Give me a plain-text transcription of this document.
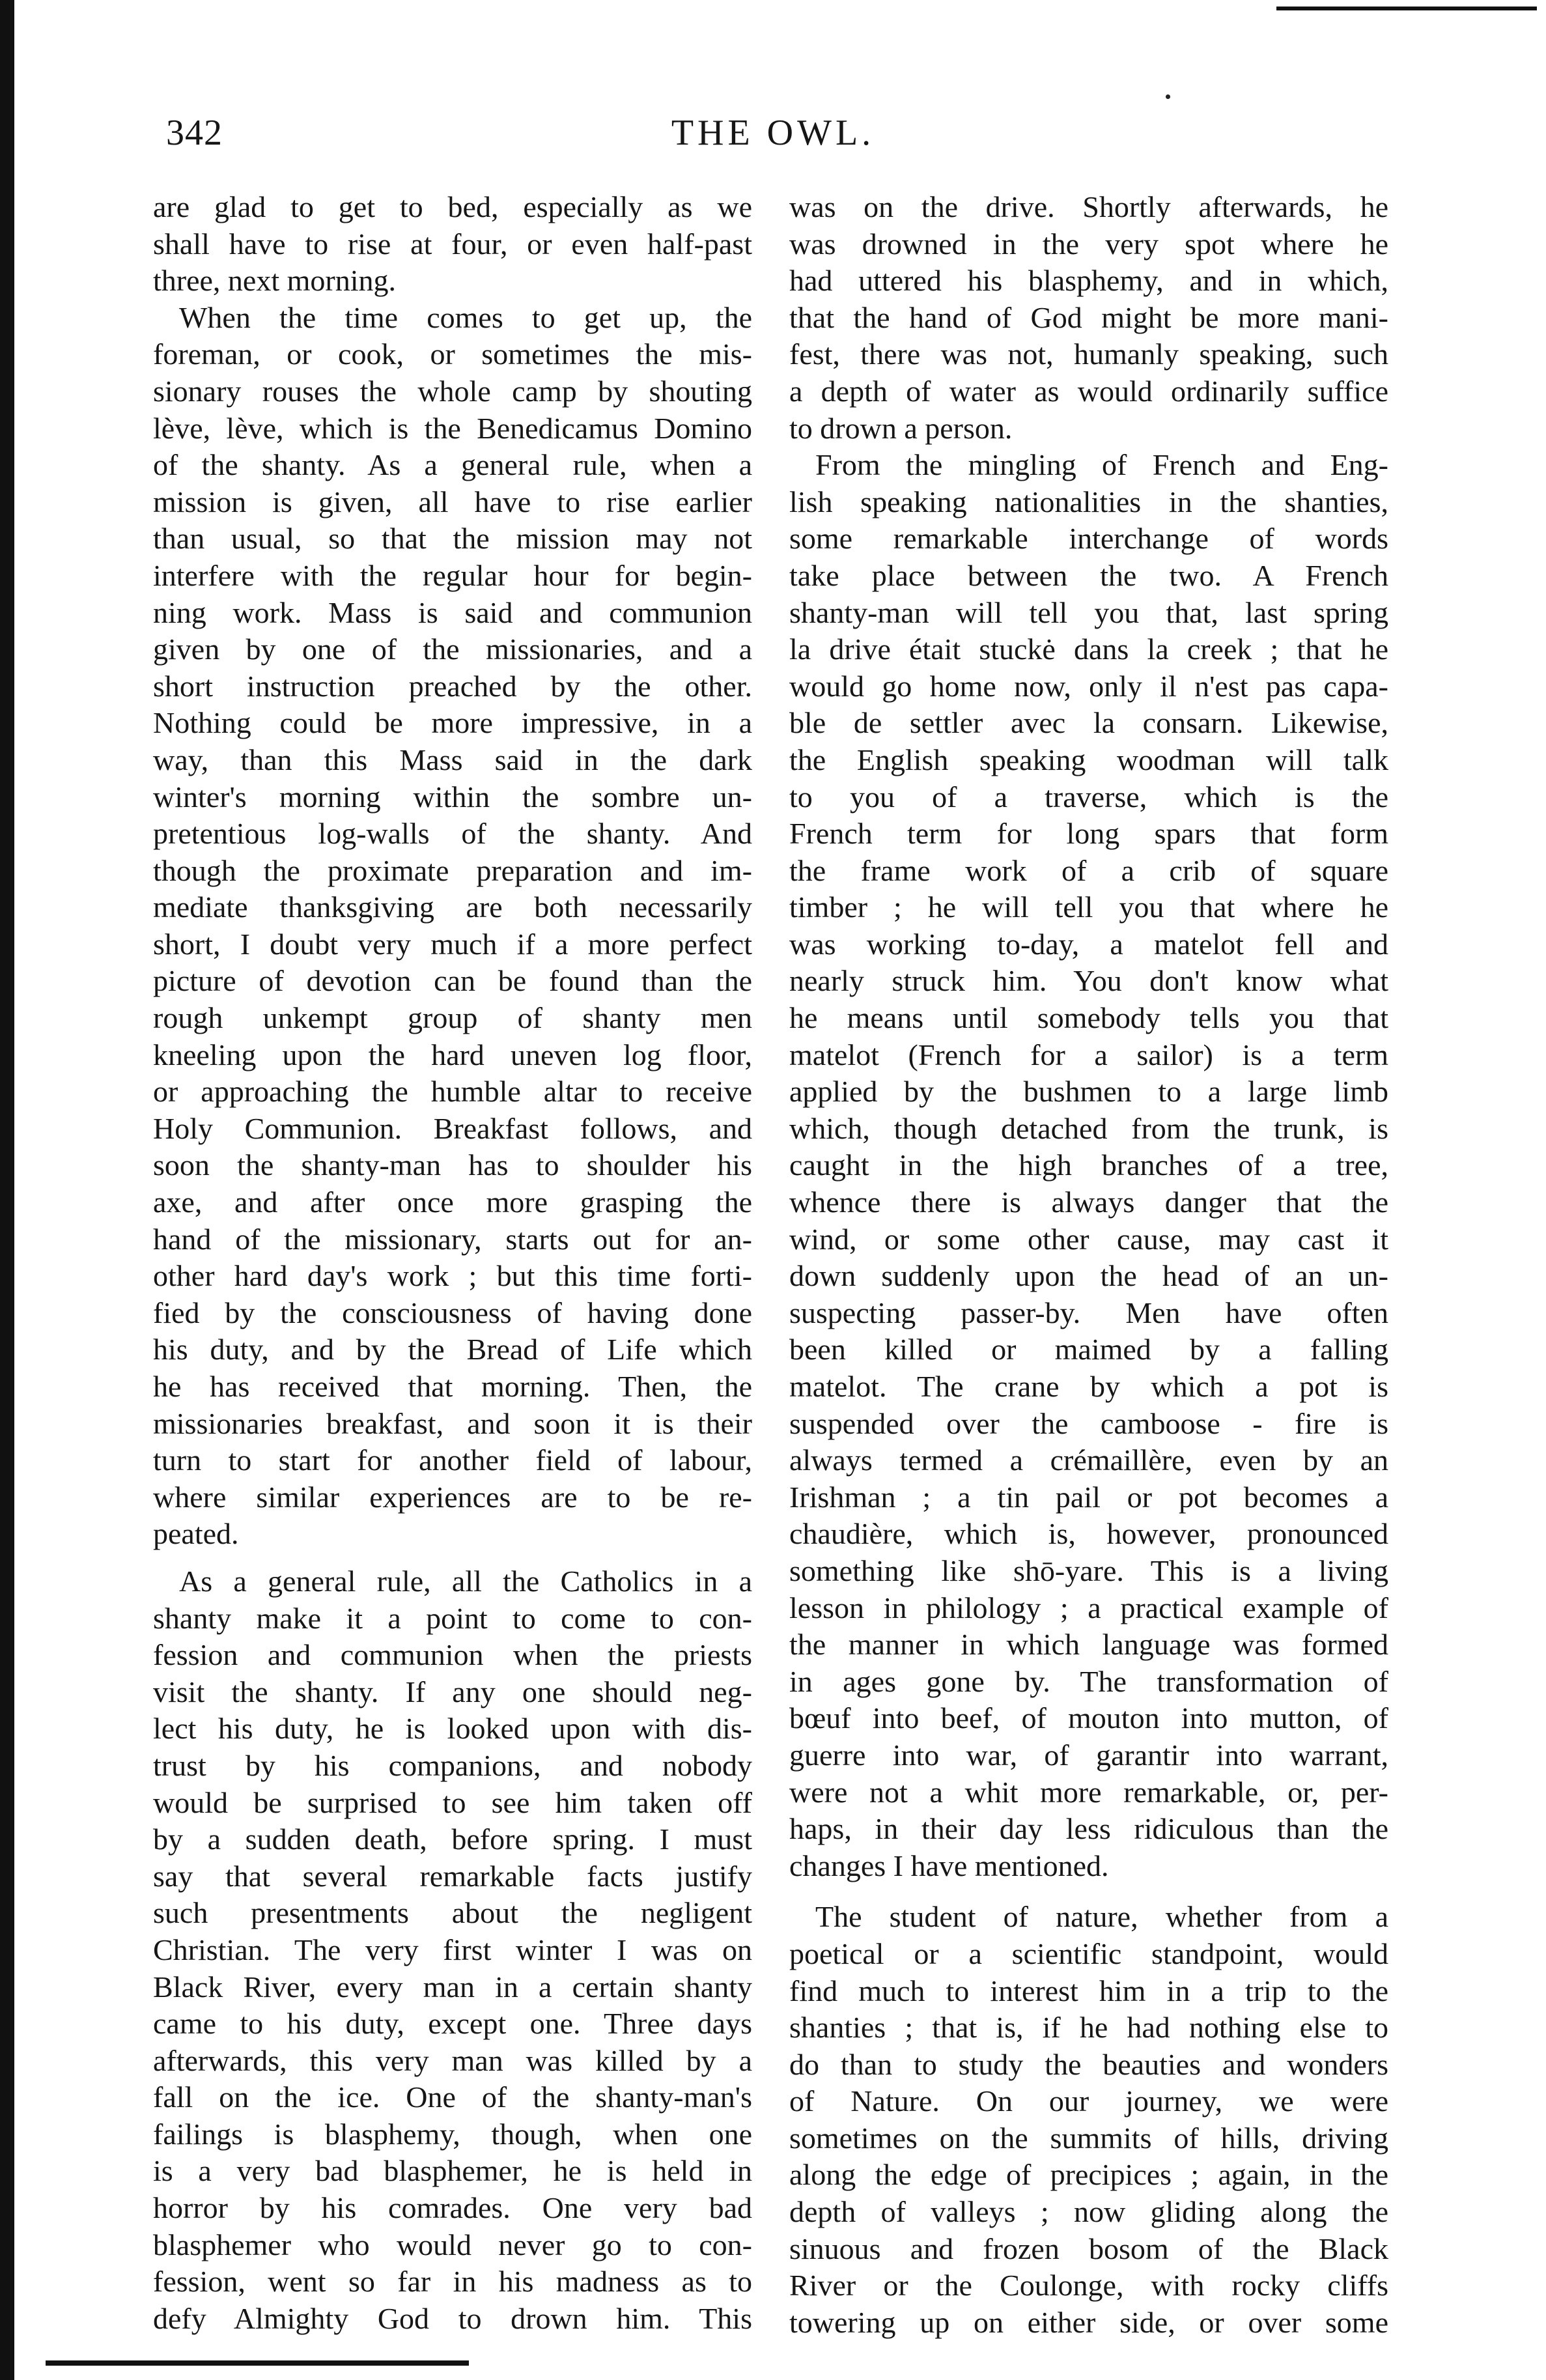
342	THE OWL.
are glad to get to bed, especially as we
shall have to rise at four, or even half-past
three, next morning.
When the time comes to get up, the
foreman, or cook, or sometimes the mis-
sionary rouses the whole camp by shouting
lève, lève, which is the Benedicamus Domino
of the shanty. As a general rule, when a
mission is given, all have to rise earlier
than usual, so that the mission may not
interfere with the regular hour for begin-
ning work. Mass is said and communion
given by one of the missionaries, and a
short instruction preached by the other.
Nothing could be more impressive, in a
way, than this Mass said in the dark
winter's morning within the sombre un-
pretentious log-walls of the shanty. And
though the proximate preparation and im-
mediate thanksgiving are both necessarily
short, I doubt very much if a more perfect
picture of devotion can be found than the
rough unkempt group of shanty men
kneeling upon the hard uneven log floor,
or approaching the humble altar to receive
Holy Communion. Breakfast follows, and
soon the shanty-man has to shoulder his
axe, and after once more grasping the
hand of the missionary, starts out for an-
other hard day's work ; but this time forti-
fied by the consciousness of having done
his duty, and by the Bread of Life which
he has received that morning. Then, the
missionaries breakfast, and soon it is their
turn to start for another field of labour,
where similar experiences are to be re-
peated.
As a general rule, all the Catholics in a
shanty make it a point to come to con-
fession and communion when the priests
visit the shanty. If any one should neg-
lect his duty, he is looked upon with dis-
trust by his companions, and nobody
would be surprised to see him taken off
by a sudden death, before spring. I must
say that several remarkable facts justify
such presentments about the negligent
Christian. The very first winter I was on
Black River, every man in a certain shanty
came to his duty, except one. Three days
afterwards, this very man was killed by a
fall on the ice. One of the shanty-man's
failings is blasphemy, though, when one
is a very bad blasphemer, he is held in
horror by his comrades. One very bad
blasphemer who would never go to con-
fession, went so far in his madness as to
defy Almighty God to drown him. This
was on the drive. Shortly afterwards, he
was drowned in the very spot where he
had uttered his blasphemy, and in which,
that the hand of God might be more mani-
fest, there was not, humanly speaking, such
a depth of water as would ordinarily suffice
to drown a person.
From the mingling of French and Eng-
lish speaking nationalities in the shanties,
some remarkable interchange of words
take place between the two. A French
shanty-man will tell you that, last spring
la drive était stuckė dans la creek ; that he
would go home now, only il n'est pas capa-
ble de settler avec la consarn. Likewise,
the English speaking woodman will talk
to you of a traverse, which is the
French term for long spars that form
the frame work of a crib of square
timber ; he will tell you that where he
was working to-day, a matelot fell and
nearly struck him. You don't know what
he means until somebody tells you that
matelot (French for a sailor) is a term
applied by the bushmen to a large limb
which, though detached from the trunk, is
caught in the high branches of a tree,
whence there is always danger that the
wind, or some other cause, may cast it
down suddenly upon the head of an un-
suspecting passer-by. Men have often
been killed or maimed by a falling
matelot. The crane by which a pot is
suspended over the camboose - fire is
always termed a crémaillère, even by an
Irishman ; a tin pail or pot becomes a
chaudière, which is, however, pronounced
something like shō-yare. This is a living
lesson in philology ; a practical example of
the manner in which language was formed
in ages gone by. The transformation of
bœuf into beef, of mouton into mutton, of
guerre into war, of garantir into warrant,
were not a whit more remarkable, or, per-
haps, in their day less ridiculous than the
changes I have mentioned.
The student of nature, whether from a
poetical or a scientific standpoint, would
find much to interest him in a trip to the
shanties ; that is, if he had nothing else to
do than to study the beauties and wonders
of Nature. On our journey, we were
sometimes on the summits of hills, driving
along the edge of precipices ; again, in the
depth of valleys ; now gliding along the
sinuous and frozen bosom of the Black
River or the Coulonge, with rocky cliffs
towering up on either side, or over some
